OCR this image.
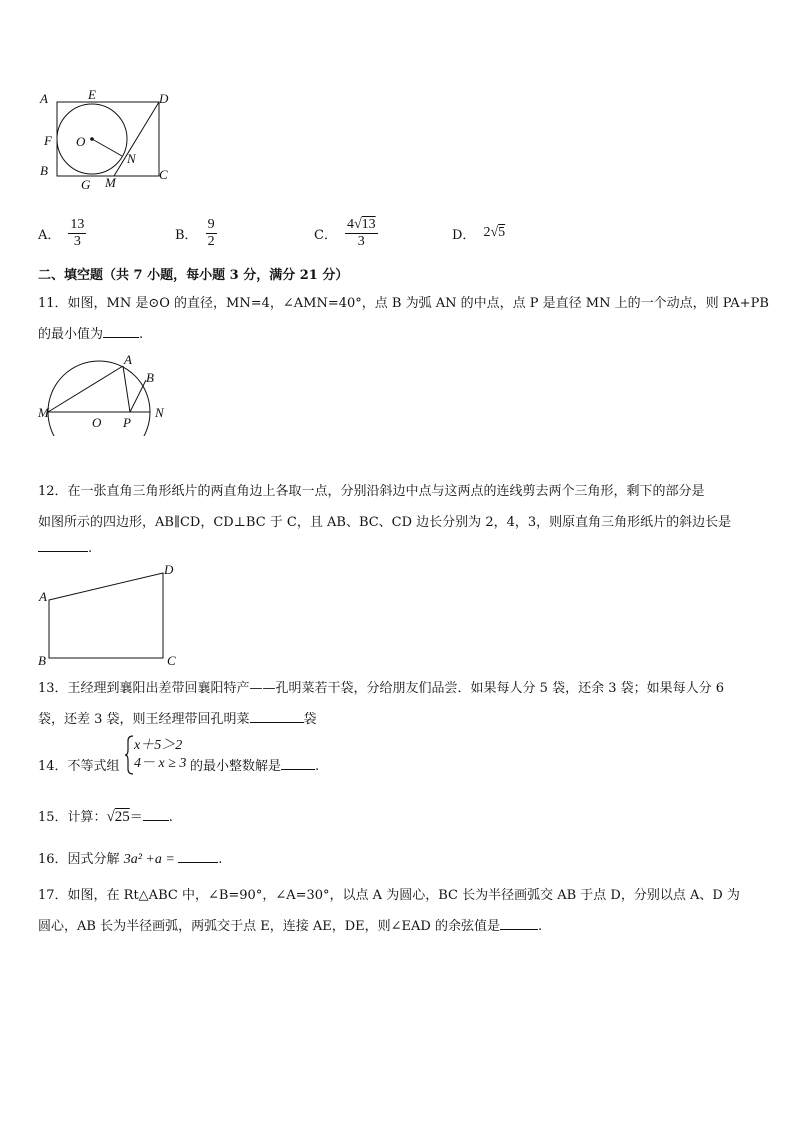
A	E	D
F O
N
B
G M
C
A． $\frac{13}{3}$	B． $\frac{9}{2}$	C． $\frac{4√13}{3}$	D． 2√5
二、填空题（共 7 小题，每小题 3 分，满分 21 分）
11．如图，MN 是⊙O 的直径，MN=4，∠AMN=40°，点 B 为弧 AN 的中点，点 P 是直径 MN 上的一个动点，则 PA+PB
的最小值为	.
M
A
B
O P
N
12．在一张直角三角形纸片的两直角边上各取一点，分别沿斜边中点与这两点的连线剪去两个三角形，剩下的部分是
如图所示的四边形，AB∥CD，CD⊥BC 于 C，且 AB、BC、CD 边长分别为 2，4，3，则原直角三角形纸片的斜边长是
.
A
D
B	C
13．王经理到襄阳出差带回襄阳特产——孔明菜若干袋，分给朋友们品尝．如果每人分 5 袋，还余 3 袋；如果每人分 6
袋，还差 3 袋，则王经理带回孔明菜	袋
14．不等式组
x＋5＞2
4－ x ≥ 3 的最小整数解是	.
15．计算：√25＝ .
16．因式分解 3a² +a =	.
17．如图，在 Rt△ABC 中，∠B=90°，∠A=30°，以点 A 为圆心，BC 长为半径画弧交 AB 于点 D，分别以点 A、D 为
圆心，AB 长为半径画弧，两弧交于点 E，连接 AE，DE，则∠EAD 的余弦值是	.
